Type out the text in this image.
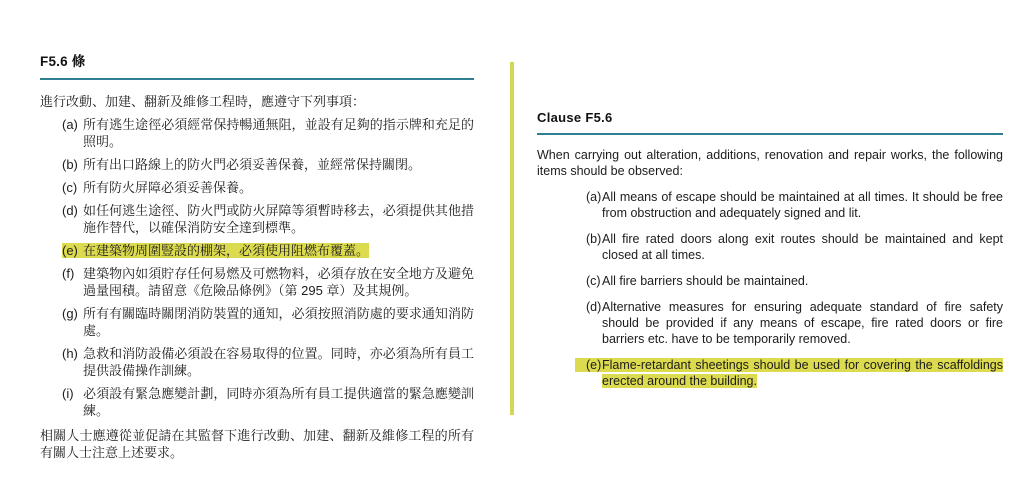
F5.6 條

進行改動、加建、翻新及維修工程時，應遵守下列事項：

(a) 所有逃生途徑必須經常保持暢通無阻，並設有足夠的指示牌和充足的照明。
(b) 所有出口路線上的防火門必須妥善保養，並經常保持關閉。
(c) 所有防火屏障必須妥善保養。
(d) 如任何逃生途徑、防火門或防火屏障等須暫時移去，必須提供其他措施作替代，以確保消防安全達到標準。
(e) 在建築物周圍豎設的棚架，必須使用阻燃布覆蓋。
(f) 建築物內如須貯存任何易燃及可燃物料，必須存放在安全地方及避免過量囤積。請留意《危險品條例》（第 295 章）及其規例。
(g) 所有有關臨時關閉消防裝置的通知，必須按照消防處的要求通知消防處。
(h) 急救和消防設備必須設在容易取得的位置。同時，亦必須為所有員工提供設備操作訓練。
(i) 必須設有緊急應變計劃，同時亦須為所有員工提供適當的緊急應變訓練。

相關人士應遵從並促請在其監督下進行改動、加建、翻新及維修工程的所有有關人士注意上述要求。

Clause F5.6

When carrying out alteration, additions, renovation and repair works, the following items should be observed:

(a)All means of escape should be maintained at all times. It should be free from obstruction and adequately signed and lit.
(b)All fire rated doors along exit routes should be maintained and kept closed at all times.
(c)All fire barriers should be maintained.
(d)Alternative measures for ensuring adequate standard of fire safety should be provided if any means of escape, fire rated doors or fire barriers etc. have to be temporarily removed.
(e)Flame-retardant sheetings should be used for covering the scaffoldings erected around the building.
